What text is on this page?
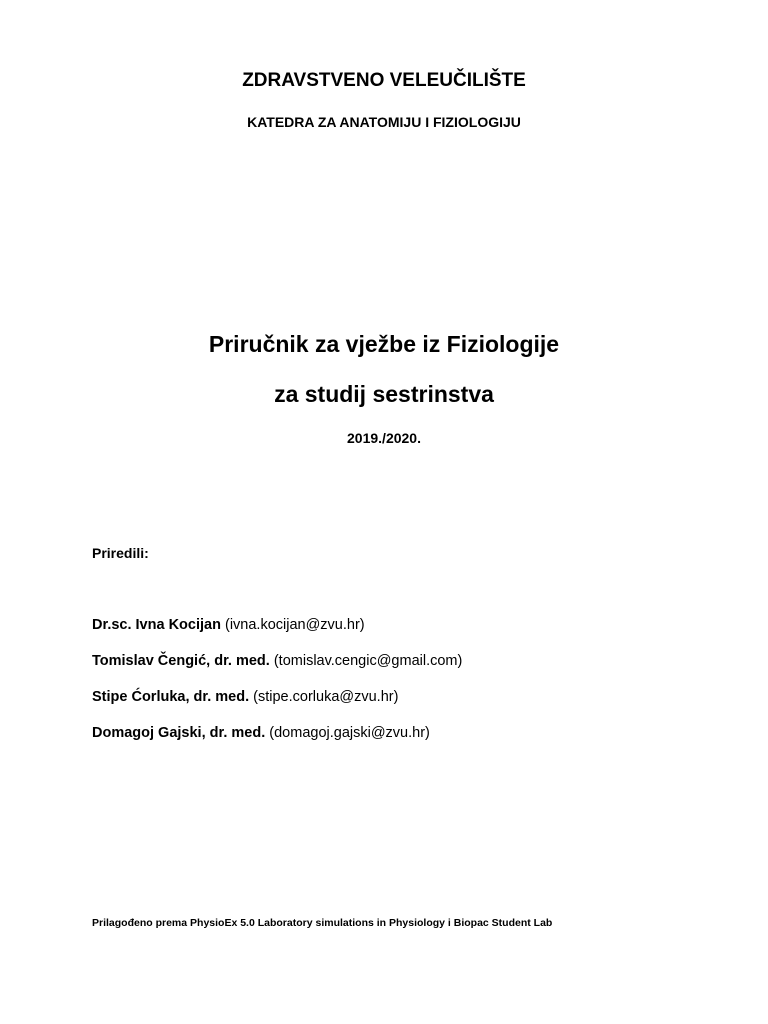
ZDRAVSTVENO VELEUČILIŠTE
KATEDRA ZA ANATOMIJU I FIZIOLOGIJU
Priručnik za vježbe iz Fiziologije
za studij sestrinstva
2019./2020.
Priredili:
Dr.sc. Ivna Kocijan (ivna.kocijan@zvu.hr)
Tomislav Čengić, dr. med. (tomislav.cengic@gmail.com)
Stipe Ćorluka, dr. med. (stipe.corluka@zvu.hr)
Domagoj Gajski, dr. med. (domagoj.gajski@zvu.hr)
Prilagođeno prema PhysioEx 5.0 Laboratory simulations in Physiology i Biopac Student Lab
